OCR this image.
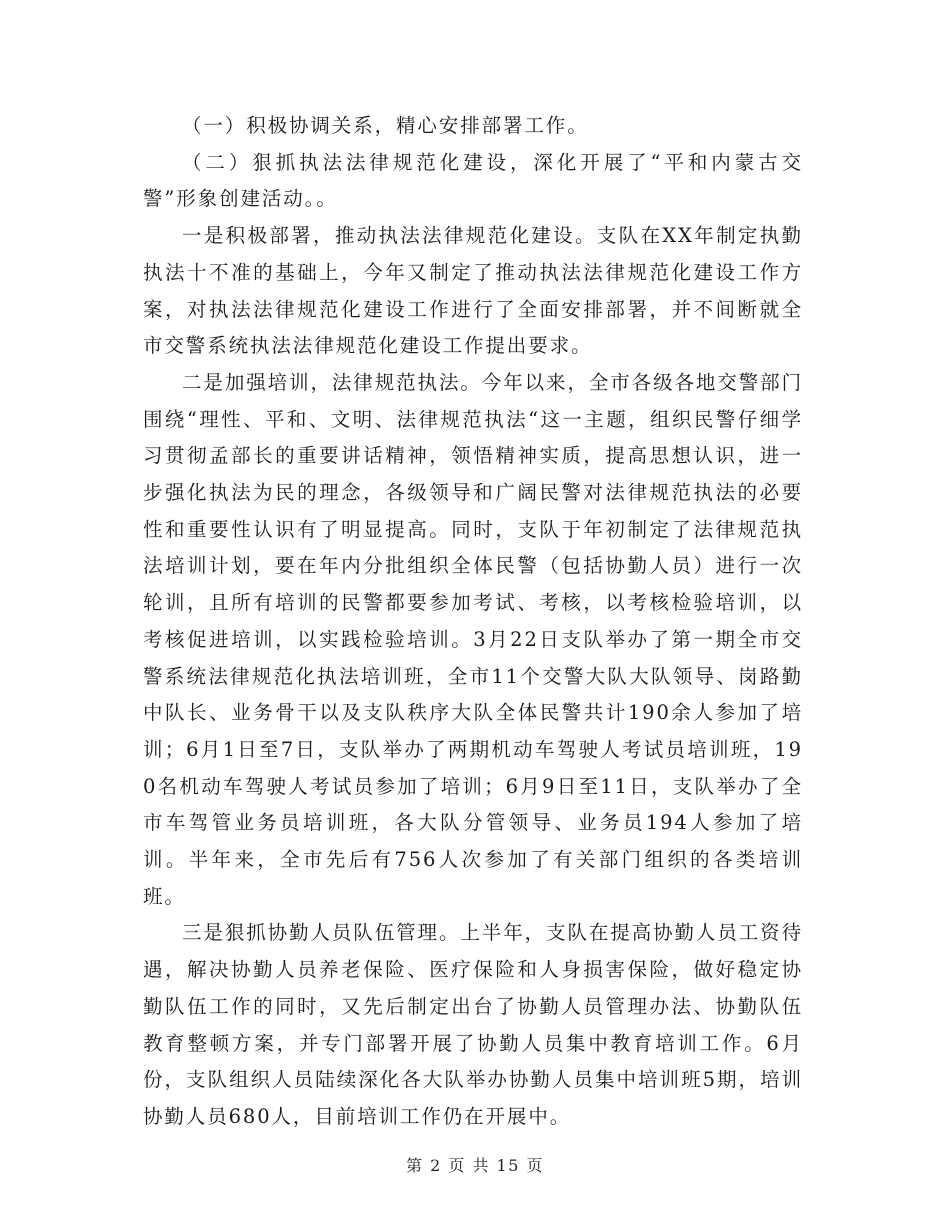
（一）积极协调关系，精心安排部署工作。

（二）狠抓执法法律规范化建设，深化开展了“平和内蒙古交警”形象创建活动。。

一是积极部署，推动执法法律规范化建设。支队在XX年制定执勤执法十不准的基础上，今年又制定了推动执法法律规范化建设工作方案，对执法法律规范化建设工作进行了全面安排部署，并不间断就全市交警系统执法法律规范化建设工作提出要求。

二是加强培训，法律规范执法。今年以来，全市各级各地交警部门围绕“理性、平和、文明、法律规范执法“这一主题，组织民警仔细学习贯彻孟部长的重要讲话精神，领悟精神实质，提高思想认识，进一步强化执法为民的理念，各级领导和广阔民警对法律规范执法的必要性和重要性认识有了明显提高。同时，支队于年初制定了法律规范执法培训计划，要在年内分批组织全体民警（包括协勤人员）进行一次轮训，且所有培训的民警都要参加考试、考核，以考核检验培训，以考核促进培训，以实践检验培训。3月22日支队举办了第一期全市交警系统法律规范化执法培训班，全市11个交警大队大队领导、岗路勤中队长、业务骨干以及支队秩序大队全体民警共计190余人参加了培训；6月1日至7日，支队举办了两期机动车驾驶人考试员培训班，190名机动车驾驶人考试员参加了培训；6月9日至11日，支队举办了全市车驾管业务员培训班，各大队分管领导、业务员194人参加了培训。半年来，全市先后有756人次参加了有关部门组织的各类培训班。

三是狠抓协勤人员队伍管理。上半年，支队在提高协勤人员工资待遇，解决协勤人员养老保险、医疗保险和人身损害保险，做好稳定协勤队伍工作的同时，又先后制定出台了协勤人员管理办法、协勤队伍教育整顿方案，并专门部署开展了协勤人员集中教育培训工作。6月份，支队组织人员陆续深化各大队举办协勤人员集中培训班5期，培训协勤人员680人，目前培训工作仍在开展中。

第 2 页 共 15 页
